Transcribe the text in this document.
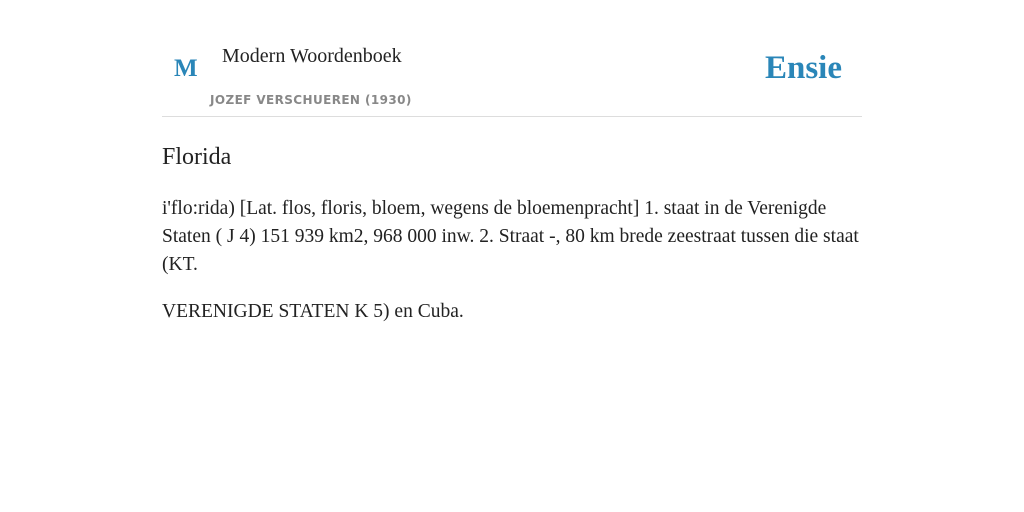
M Modern Woordenboek
JOZEF VERSCHUEREN (1930)
Ensie
Florida

i'flo:rida) [Lat. flos, floris, bloem, wegens de bloemenpracht] 1. staat in de Verenigde Staten ( J 4) 151 939 km2, 968 000 inw. 2. Straat -, 80 km brede zeestraat tussen die staat (KT.

VERENIGDE STATEN K 5) en Cuba.
